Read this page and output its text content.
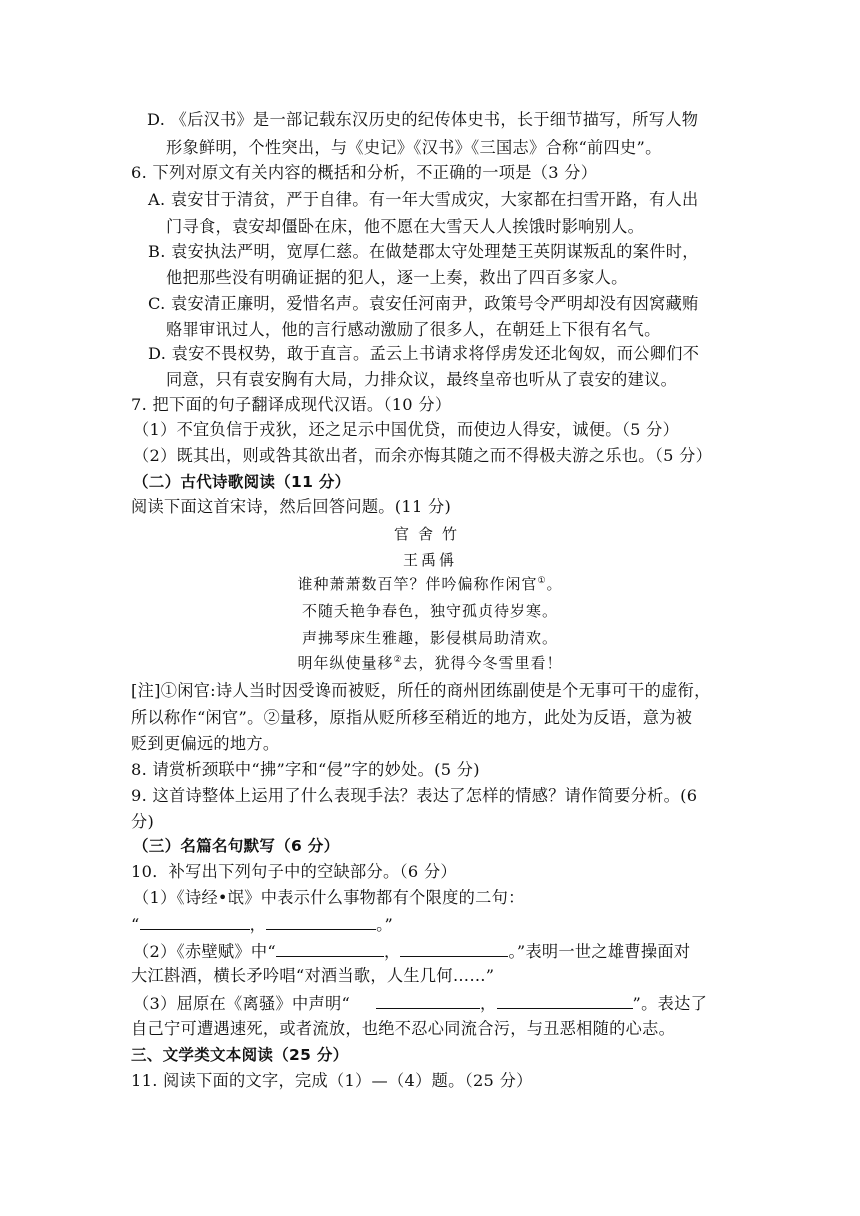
D. 《后汉书》是一部记载东汉历史的纪传体史书，长于细节描写，所写人物
形象鲜明，个性突出，与《史记》《汉书》《三国志》合称“前四史”。
6. 下列对原文有关内容的概括和分析，不正确的一项是（3 分）
A. 袁安甘于清贫，严于自律。有一年大雪成灾，大家都在扫雪开路，有人出
门寻食，袁安却僵卧在床，他不愿在大雪天人人挨饿时影响别人。
B. 袁安执法严明，宽厚仁慈。在做楚郡太守处理楚王英阴谋叛乱的案件时，
他把那些没有明确证据的犯人，逐一上奏，救出了四百多家人。
C. 袁安清正廉明，爱惜名声。袁安任河南尹，政策号令严明却没有因窝藏贿
赂罪审讯过人，他的言行感动激励了很多人，在朝廷上下很有名气。
D. 袁安不畏权势，敢于直言。孟云上书请求将俘虏发还北匈奴，而公卿们不
同意，只有袁安胸有大局，力排众议，最终皇帝也听从了袁安的建议。
7. 把下面的句子翻译成现代汉语。（10 分）
（1）不宜负信于戎狄，还之足示中国优贷，而使边人得安，诚便。（5 分）
（2）既其出，则或咎其欲出者，而余亦悔其随之而不得极夫游之乐也。（5 分）
（二）古代诗歌阅读（11 分）
阅读下面这首宋诗，然后回答问题。(11 分)
官舍竹
王禹偁
谁种萧萧数百竿？伴吟偏称作闲官①。
不随夭艳争春色，独守孤贞待岁寒。
声拂琴床生雅趣，影侵棋局助清欢。
明年纵使量移②去，犹得今冬雪里看！
[注]①闲官:诗人当时因受谗而被贬，所任的商州团练副使是个无事可干的虚衔，
所以称作“闲官”。②量移，原指从贬所移至稍近的地方，此处为反语，意为被
贬到更偏远的地方。
8. 请赏析颈联中“拂”字和“侵”字的妙处。(5 分)
9. 这首诗整体上运用了什么表现手法？表达了怎样的情感？请作简要分析。(6
分)
（三）名篇名句默写（6 分）
10．补写出下列句子中的空缺部分。（6 分）
（1）《诗经•氓》中表示什么事物都有个限度的二句：
“	，	。”
（2）《赤壁赋》中“	，	。”表明一世之雄曹操面对
大江斟酒，横长矛吟唱“对酒当歌，人生几何……”
（3）屈原在《离骚》中声明“	，	”。表达了
自己宁可遭遇速死，或者流放，也绝不忍心同流合污，与丑恶相随的心志。
三、文学类文本阅读（25 分）
11. 阅读下面的文字，完成（1）—（4）题。（25 分）
